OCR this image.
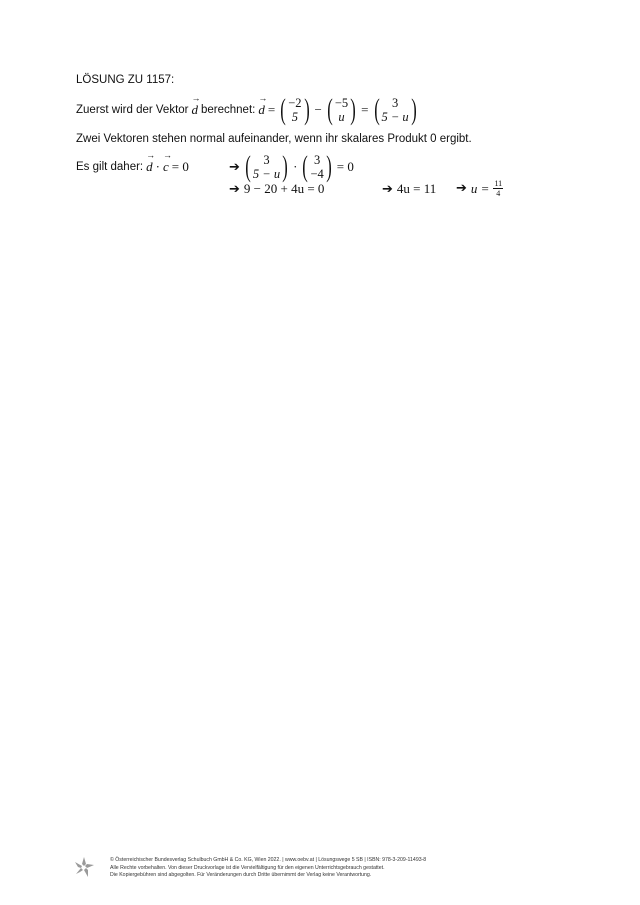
LÖSUNG ZU 1157:
Zuerst wird der Vektor → d berechnet: → d = ( −2
5 ) − ( −5
u ) = ( 3
5 − u )
Zwei Vektoren stehen normal aufeinander, wenn ihr skalares Produkt 0 ergibt.
Es gilt daher: → d · → c = 0	➔ ( 3
5 − u ) · ( 3
−4 ) = 0
➔ 9 − 20 + 4u = 0	➔ 4u = 11 ➔ $u = \frac{11}{4}$
© Österreichischer Bundesverlag Schulbuch GmbH & Co. KG, Wien 2022. | www.oebv.at | Lösungswege 5 SB | ISBN: 978-3-209-11493-8
Alle Rechte vorbehalten. Von dieser Druckvorlage ist die Vervielfältigung für den eigenen Unterrichtsgebrauch gestattet.
Die Kopiergebühren sind abgegolten. Für Veränderungen durch Dritte übernimmt der Verlag keine Verantwortung.
